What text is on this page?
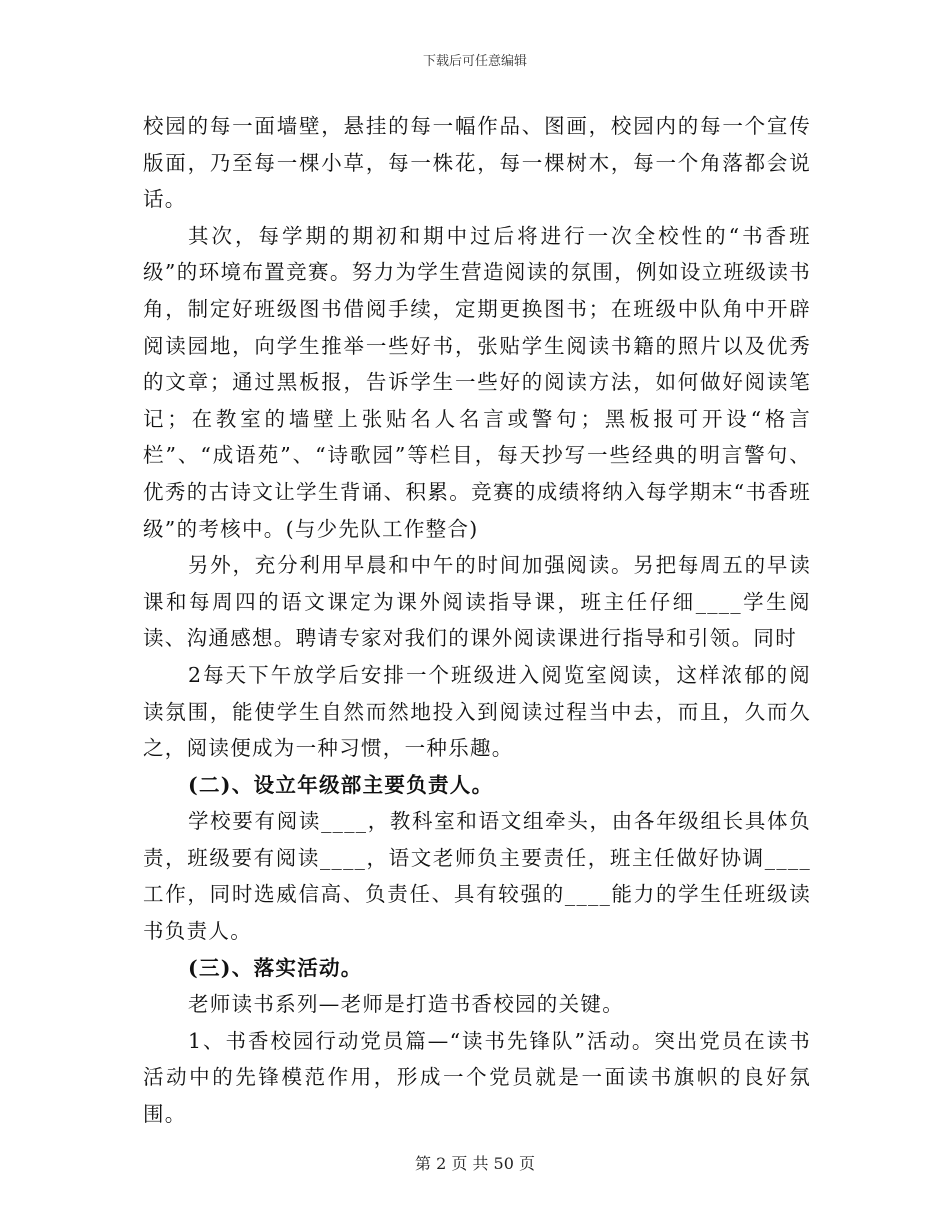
下载后可任意编辑

校园的每一面墙壁，悬挂的每一幅作品、图画，校园内的每一个宣传版面，乃至每一棵小草，每一株花，每一棵树木，每一个角落都会说话。

其次，每学期的期初和期中过后将进行一次全校性的“书香班级”的环境布置竞赛。努力为学生营造阅读的氛围，例如设立班级读书角，制定好班级图书借阅手续，定期更换图书；在班级中队角中开辟阅读园地，向学生推举一些好书，张贴学生阅读书籍的照片以及优秀的文章；通过黑板报，告诉学生一些好的阅读方法，如何做好阅读笔记；在教室的墙壁上张贴名人名言或警句；黑板报可开设“格言栏”、“成语苑”、“诗歌园”等栏目，每天抄写一些经典的明言警句、优秀的古诗文让学生背诵、积累。竞赛的成绩将纳入每学期末“书香班级”的考核中。(与少先队工作整合)

另外，充分利用早晨和中午的时间加强阅读。另把每周五的早读课和每周四的语文课定为课外阅读指导课，班主任仔细____学生阅读、沟通感想。聘请专家对我们的课外阅读课进行指导和引领。同时

2每天下午放学后安排一个班级进入阅览室阅读，这样浓郁的阅读氛围，能使学生自然而然地投入到阅读过程当中去，而且，久而久之，阅读便成为一种习惯，一种乐趣。

(二)、设立年级部主要负责人。

学校要有阅读____，教科室和语文组牵头，由各年级组长具体负责，班级要有阅读____，语文老师负主要责任，班主任做好协调____工作，同时选威信高、负责任、具有较强的____能力的学生任班级读书负责人。

(三)、落实活动。

老师读书系列—老师是打造书香校园的关键。

1、书香校园行动党员篇—“读书先锋队”活动。突出党员在读书活动中的先锋模范作用，形成一个党员就是一面读书旗帜的良好氛围。

第 2 页 共 50 页
